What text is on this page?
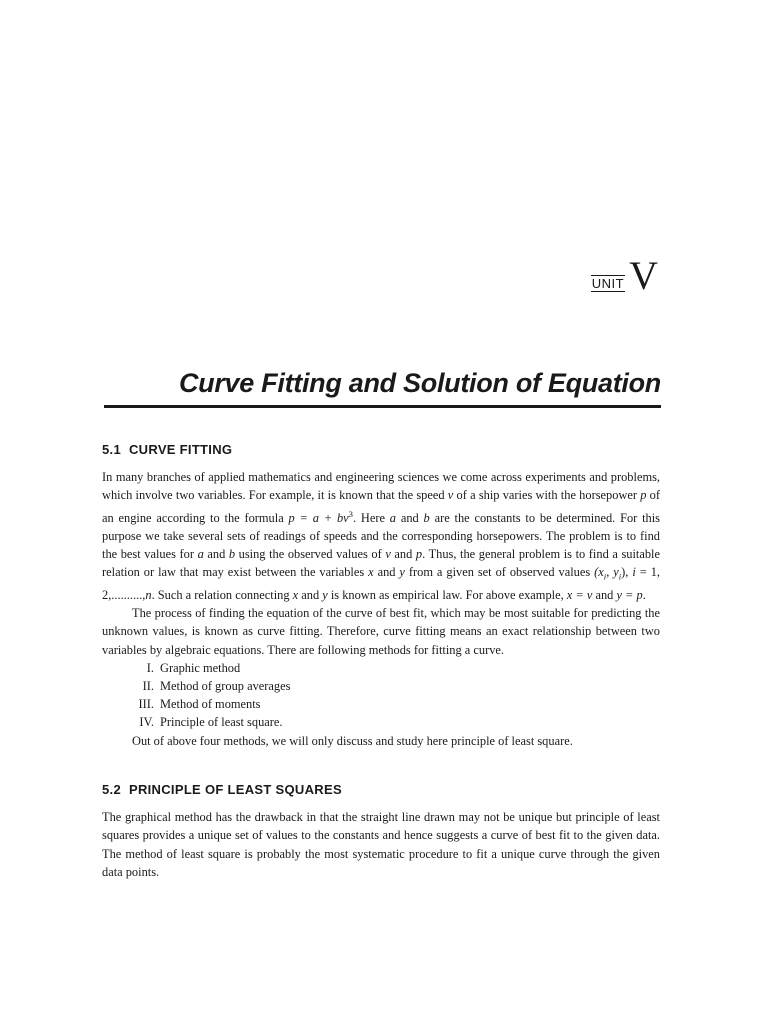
UNIT V
Curve Fitting and Solution of Equation
5.1 CURVE FITTING

In many branches of applied mathematics and engineering sciences we come across experiments and problems, which involve two variables. For example, it is known that the speed v of a ship varies with the horsepower p of an engine according to the formula $p = a + bv^3$. Here a and b are the constants to be determined. For this purpose we take several sets of readings of speeds and the corresponding horsepowers. The problem is to find the best values for a and b using the observed values of v and p. Thus, the general problem is to find a suitable relation or law that may exist between the variables x and y from a given set of observed values ($x_i$, $y_i$), i = 1, 2,..........,n. Such a relation connecting x and y is known as empirical law. For above example, x = v and y = p.

The process of finding the equation of the curve of best fit, which may be most suitable for predicting the unknown values, is known as curve fitting. Therefore, curve fitting means an exact relationship between two variables by algebraic equations. There are following methods for fitting a curve.

I. Graphic method
II. Method of group averages
III. Method of moments
IV. Principle of least square.

Out of above four methods, we will only discuss and study here principle of least square.

5.2 PRINCIPLE OF LEAST SQUARES

The graphical method has the drawback in that the straight line drawn may not be unique but principle of least squares provides a unique set of values to the constants and hence suggests a curve of best fit to the given data. The method of least square is probably the most systematic procedure to fit a unique curve through the given data points.
